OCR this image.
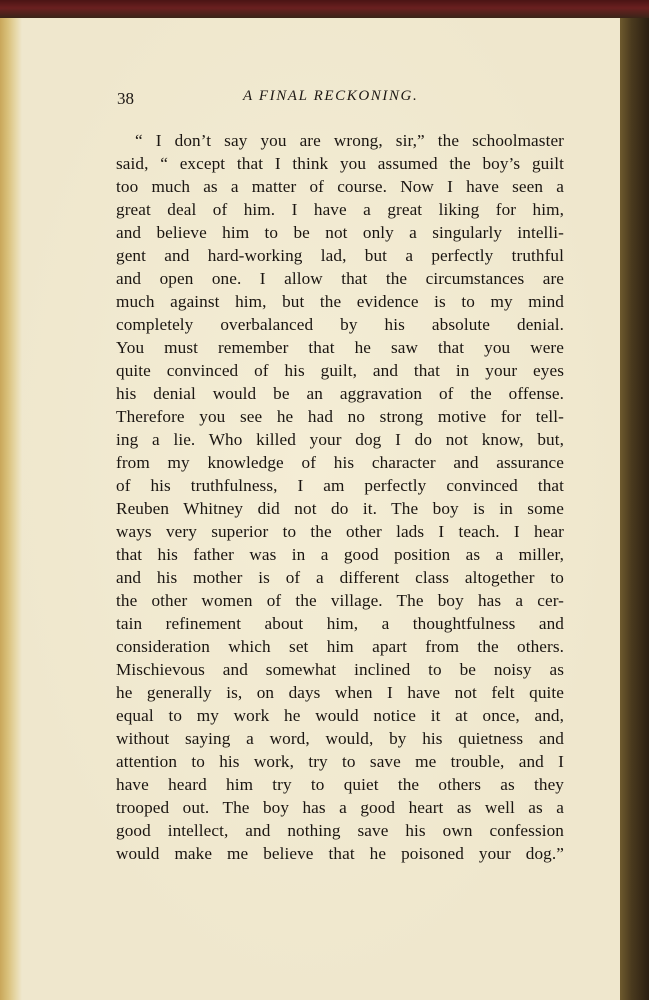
38	A FINAL RECKONING.

“ I don’t say you are wrong, sir,” the schoolmaster
said, “ except that I think you assumed the boy’s guilt
too much as a matter of course. Now I have seen a
great deal of him. I have a great liking for him,
and believe him to be not only a singularly intelli-
gent and hard-working lad, but a perfectly truthful
and open one. I allow that the circumstances are
much against him, but the evidence is to my mind
completely overbalanced by his absolute denial.
You must remember that he saw that you were
quite convinced of his guilt, and that in your eyes
his denial would be an aggravation of the offense.
Therefore you see he had no strong motive for tell-
ing a lie. Who killed your dog I do not know, but,
from my knowledge of his character and assurance
of his truthfulness, I am perfectly convinced that
Reuben Whitney did not do it. The boy is in some
ways very superior to the other lads I teach. I hear
that his father was in a good position as a miller,
and his mother is of a different class altogether to
the other women of the village. The boy has a cer-
tain refinement about him, a thoughtfulness and
consideration which set him apart from the others.
Mischievous and somewhat inclined to be noisy as
he generally is, on days when I have not felt quite
equal to my work he would notice it at once, and,
without saying a word, would, by his quietness and
attention to his work, try to save me trouble, and I
have heard him try to quiet the others as they
trooped out. The boy has a good heart as well as a
good intellect, and nothing save his own confession
would make me believe that he poisoned your dog.”
